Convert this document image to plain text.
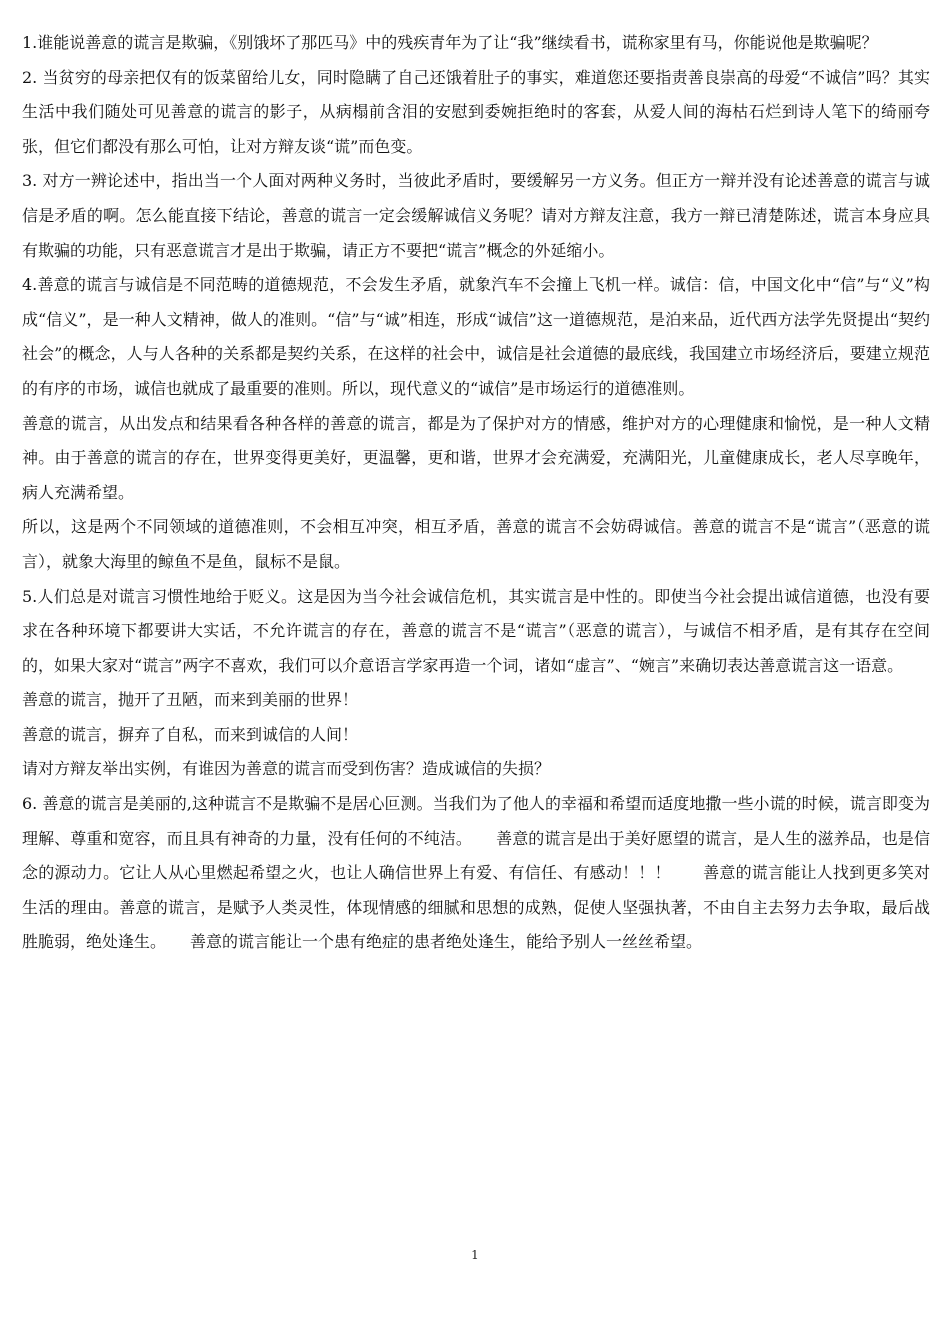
1.谁能说善意的谎言是欺骗，《别饿坏了那匹马》中的残疾青年为了让“我”继续看书，谎称家里有马，你能说他是欺骗呢？

2. 当贫穷的母亲把仅有的饭菜留给儿女，同时隐瞒了自己还饿着肚子的事实，难道您还要指责善良崇高的母爱“不诚信”吗？其实生活中我们随处可见善意的谎言的影子，从病榻前含泪的安慰到委婉拒绝时的客套，从爱人间的海枯石烂到诗人笔下的绮丽夸张，但它们都没有那么可怕，让对方辩友谈“谎”而色变。

3. 对方一辨论述中，指出当一个人面对两种义务时，当彼此矛盾时，要缓解另一方义务。但正方一辩并没有论述善意的谎言与诚信是矛盾的啊。怎么能直接下结论，善意的谎言一定会缓解诚信义务呢？请对方辩友注意，我方一辩已清楚陈述，谎言本身应具有欺骗的功能，只有恶意谎言才是出于欺骗，请正方不要把“谎言”概念的外延缩小。

4.善意的谎言与诚信是不同范畴的道德规范，不会发生矛盾，就象汽车不会撞上飞机一样。诚信：信，中国文化中“信”与“义”构成“信义”，是一种人文精神，做人的准则。“信”与“诚”相连，形成“诚信”这一道德规范，是泊来品，近代西方法学先贤提出“契约社会”的概念，人与人各种的关系都是契约关系，在这样的社会中，诚信是社会道德的最底线，我国建立市场经济后，要建立规范的有序的市场，诚信也就成了最重要的准则。所以，现代意义的“诚信”是市场运行的道德准则。

善意的谎言，从出发点和结果看各种各样的善意的谎言，都是为了保护对方的情感，维护对方的心理健康和愉悦，是一种人文精神。由于善意的谎言的存在，世界变得更美好，更温馨，更和谐，世界才会充满爱，充满阳光，儿童健康成长，老人尽享晚年，病人充满希望。

所以，这是两个不同领域的道德准则，不会相互冲突，相互矛盾，善意的谎言不会妨碍诚信。善意的谎言不是“谎言”（恶意的谎言），就象大海里的鲸鱼不是鱼，鼠标不是鼠。

5.人们总是对谎言习惯性地给于贬义。这是因为当今社会诚信危机，其实谎言是中性的。即使当今社会提出诚信道德，也没有要求在各种环境下都要讲大实话，不允许谎言的存在，善意的谎言不是“谎言”（恶意的谎言），与诚信不相矛盾，是有其存在空间的，如果大家对“谎言”两字不喜欢，我们可以介意语言学家再造一个词，诸如“虚言”、“婉言”来确切表达善意谎言这一语意。

善意的谎言，抛开了丑陋，而来到美丽的世界！

善意的谎言，摒弃了自私，而来到诚信的人间！

请对方辩友举出实例，有谁因为善意的谎言而受到伤害？造成诚信的失损？

6. 善意的谎言是美丽的,这种谎言不是欺骗不是居心叵测。当我们为了他人的幸福和希望而适度地撒一些小谎的时候，谎言即变为理解、尊重和宽容，而且具有神奇的力量，没有任何的不纯洁。　　善意的谎言是出于美好愿望的谎言，是人生的滋养品，也是信念的源动力。它让人从心里燃起希望之火，也让人确信世界上有爱、有信任、有感动！！！　　善意的谎言能让人找到更多笑对生活的理由。善意的谎言，是赋予人类灵性，体现情感的细腻和思想的成熟，促使人坚强执著，不由自主去努力去争取，最后战胜脆弱，绝处逢生。　　善意的谎言能让一个患有绝症的患者绝处逢生，能给予别人一丝丝希望。

1
